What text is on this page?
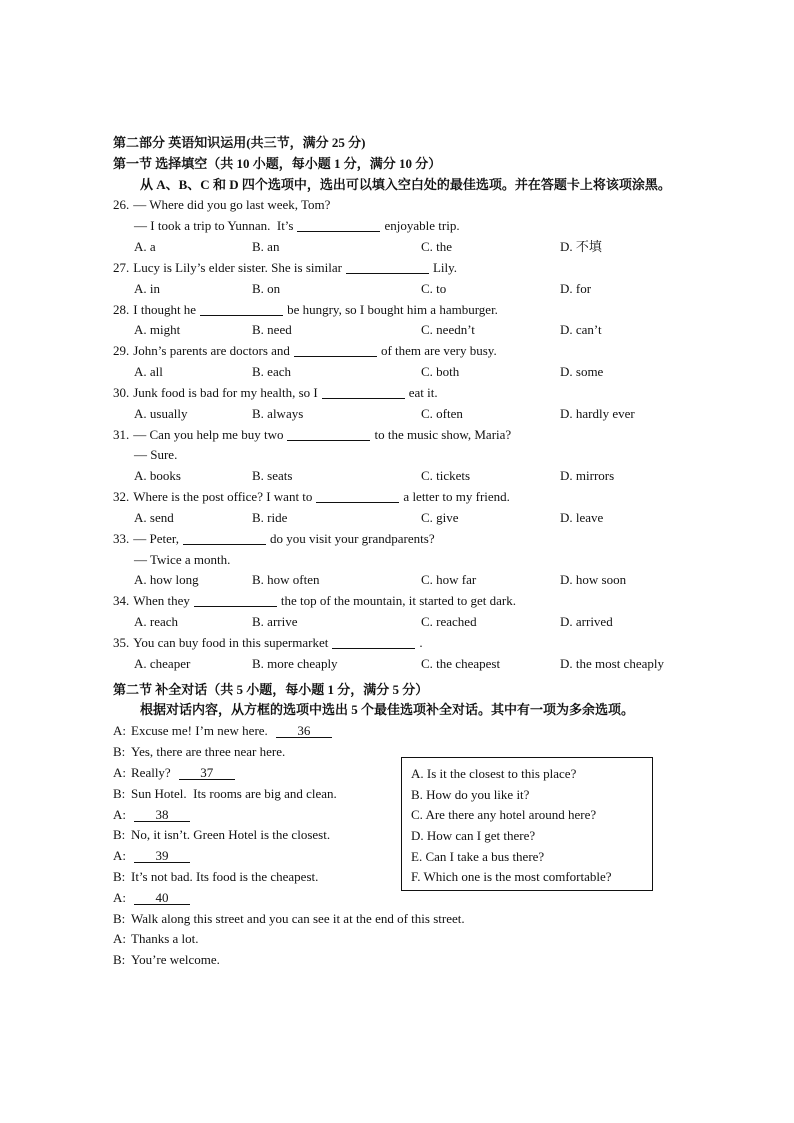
第二部分 英语知识运用(共三节，满分 25 分)
第一节 选择填空（共 10 小题，每小题 1 分，满分 10 分）
从 A、B、C 和 D 四个选项中，选出可以填入空白处的最佳选项。并在答题卡上将该项涂黑。
26. — Where did you go last week, Tom?
— I took a trip to Yunnan.  It’s	enjoyable trip.
A. a	B. an	C. the	D. 不填
27. Lucy is Lily’s elder sister. She is similar	Lily.
A. in	B. on	C. to	D. for
28. I thought he	be hungry, so I bought him a hamburger.
A. might	B. need	C. needn’t	D. can’t
29. John’s parents are doctors and	of them are very busy.
A. all	B. each	C. both	D. some
30. Junk food is bad for my health, so I	eat it.
A. usually	B. always	C. often	D. hardly ever
31. — Can you help me buy two	to the music show, Maria?
— Sure.
A. books	B. seats	C. tickets	D. mirrors
32. Where is the post office? I want to	a letter to my friend.
A. send	B. ride	C. give	D. leave
33. — Peter,	do you visit your grandparents?
— Twice a month.
A. how long	B. how often	C. how far	D. how soon
34. When they	the top of the mountain, it started to get dark.
A. reach	B. arrive	C. reached	D. arrived
35. You can buy food in this supermarket	.
A. cheaper	B. more cheaply	C. the cheapest	D. the most cheaply
第二节 补全对话（共 5 小题，每小题 1 分，满分 5 分）
根据对话内容，从方框的选项中选出 5 个最佳选项补全对话。其中有一项为多余选项。
A: Excuse me! I’m new here. 36
B: Yes, there are three near here.
A: Really? 37
B: Sun Hotel.  Its rooms are big and clean.
A: 38
B: No, it isn’t. Green Hotel is the closest.
A: 39
B: It’s not bad. Its food is the cheapest.
A: 40
B: Walk along this street and you can see it at the end of this street.
A: Thanks a lot.
B: You’re welcome.
A. Is it the closest to this place?
B. How do you like it?
C. Are there any hotel around here?
D. How can I get there?
E. Can I take a bus there?
F. Which one is the most comfortable?
